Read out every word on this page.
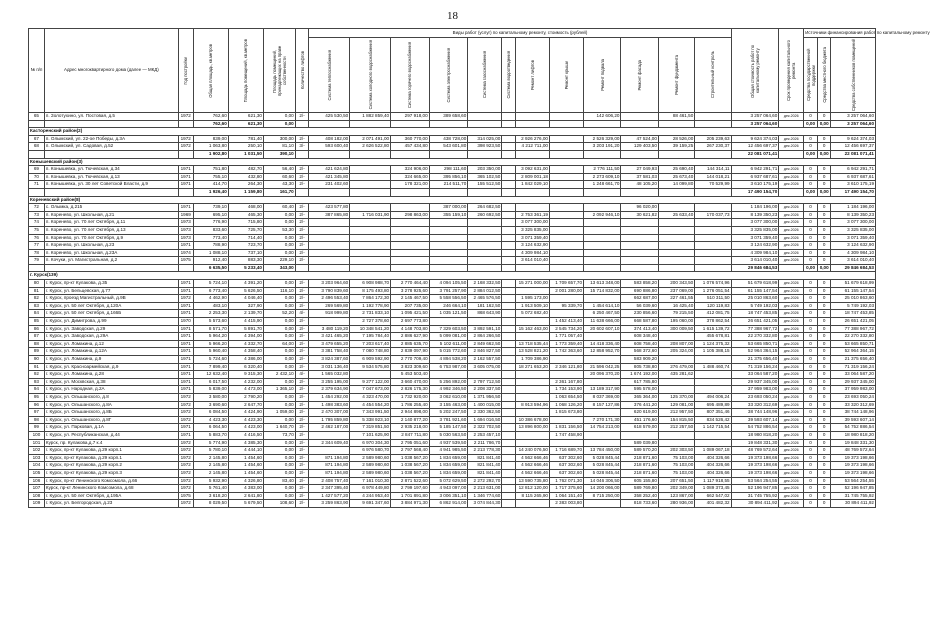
18
№ п/п	Адрес многоквартирного дома (далее — МКД)	Год постройки	Общая площадь, кв.метров	Площадь помещений, кв.метров	Площадь помещений, принадлежащих на праве собственности	Количество лифтов	Виды работ (услуг) по капитальному ремонту, стоимость (рублей)												Общая стоимость работ по капитальному ремонту	Срок проведения капитального ремонта	Источники финансирования работ по капитальному ремонту		

							Система теплоснабжения	Система холодного водоснабжения	Система горячего водоснабжения	Система электроснабжения	Система газоснабжения	Система водоотведения	Ремонт лифтов	Ремонт крыши	Ремонт подвала	Ремонт фасада	Ремонт фундамента	Строительный контроль			Средства государственной поддержки	Средства местного бюджета	Средства собственников помещений

65	п. Золотухино, ул. Постовая, д.5	1972	762,60	621,30	0,00	2/-	425 530,50	1 882 859,40	297 918,00	389 658,60					142 606,20		88 461,50		3 257 064,60	дек.2026	0	0	3 257 064,60
			762,60	621,30	0,00														3 257 064,60		0,00	0,00	3 257 064,60
Касторенский район(2)																							
67	п. Олымский, ул. 22-ое Победы, д.3А	1972	839,00	781,40	300,00	2/-	408 182,00	2 071 491,00	360 770,00	438 728,00	314 025,00		2 926 276,00		2 526 329,00	47 524,00	28 526,00	205 239,63	9 624 374,03	дек.2026	0	0	9 624 374,03
68	п. Олымский, ул. Садовая, д.52	1972	1 063,80	250,10	81,10	3/-	593 600,40	2 626 522,80	457 434,80	543 601,80	398 923,50		4 212 711,00		3 203 191,20	129 403,50	39 159,25	267 230,37	12 456 697,37	дек.2026	0	0	12 456 697,37
			1 902,80	1 031,50	390,10														22 081 071,41		0,00	0,00	22 081 071,41
Конышевский район(3)																							
69	п. Конышевка, ул. Тючевская, д.34	1971	751,80	482,70	56,40	2/-	421 624,80		324 906,00	298 111,60	203 350,00		3 092 631,00		2 776 111,50	27 049,93	25 690,40	144 314,11	6 942 291,71	дек.2026	0	0	6 942 291,71
70	п. Конышевка, ул. Тючевская, д.13	1971	755,10	432,80	60,60	2/-	421 345,80		324 665,00	395 856,10	365 102,50		2 809 001,18		2 273 609,10	37 581,03	25 673,40	144 018,21	6 937 687,61	дек.2026	0	0	6 937 687,61
71	п. Конышевка, ул. 30 лет Советской Власти, д.9	1971	414,70	264,30	43,30	2/-	231 402,60		178 321,00	214 511,70	155 512,50		1 842 029,10		1 248 661,70	48 105,20	14 099,80	70 529,99	3 610 175,19	дек.2026	0	0	3 610 175,19
			1 926,40	1 159,80	161,70														17 490 154,70		0,00	0,00	17 490 154,70
Кореневский район(8)																							
72	с. Олымка, д.215	1971	739,10	468,00	60,40	2/-	423 577,80			387 000,00	264 682,50					96 020,00			1 184 196,00	дек.2026	0	0	1 184 196,00
73	п. Коренево, ул. Школьная, д.21	1969	695,10	465,30	0,00	2/-	387 865,80	1 716 031,90	298 863,00	355 159,10	260 692,50		2 753 361,19		2 092 946,10	30 621,82	25 633,40	170 037,73	8 139 350,23	дек.2026	0	0	8 139 350,23
74	п. Коренево, ул. 70 лет Октября, д.11	1973	776,90	715,80	0,00	2/-							3 077 300,00						3 077 300,00	дек.2026	0	0	3 077 300,00
75	п. Коренево, ул. 70 лет Октября, д.13	1973	833,60	725,70	53,30	2/-							3 325 835,00						3 325 835,00	дек.2026	0	0	3 325 835,00
76	п. Коренево, ул. 70 лет Октября, д.9	1973	773,40	714,40	0,00	2/-							3 071 359,40						3 071 359,40	дек.2026	0	0	3 071 359,40
77	п. Коренево, ул. Школьная, д.23	1971	788,90	723,70	0,00	2/-							3 124 632,90						3 124 632,90	дек.2026	0	0	3 124 632,90
78	п. Коренево, ул. Школьная, д.23А	1974	1 088,10	737,10	0,00	2/-							4 309 984,10						4 309 984,10	дек.2026	0	0	4 309 984,10
79	п. Кочуки, ул. Магистральная, д.2	1975	912,40	883,30	229,10	2/-							3 614 010,40						3 614 010,40	дек.2026	0	0	3 614 010,40
			6 635,50	5 233,40	343,00														29 846 684,53		0,00	0,00	29 846 684,53
г. Курск(139)																							
80	г. Курск, пр-кт Кулакова, д.35	1971	5 724,10	4 391,20	0,00	2/-	3 203 964,60	6 908 988,70	2 770 464,40	4 094 105,50	2 168 332,50		15 271 000,00	1 709 657,70	13 613 348,00	583 858,20	200 343,50	1 076 574,96	51 679 618,99	дек.2026	0	0	51 679 618,99
81	г. Курск, ул. Бельцевская, д.77	1971	6 773,40	5 626,50	116,10	2/-	3 790 839,60	8 175 493,80	3 278 925,60	3 791 257,90	2 884 012,50			2 001 280,00	15 714 832,00	690 886,80	237 069,00	1 276 051,54	61 155 147,54	дек.2026	0	0	61 155 147,54
82	г. Курск, проезд Магистральный, д.9В	1972	4 462,90	4 046,40	0,00	2/-	2 496 553,40	7 864 172,30	2 145 467,50	5 558 556,50	2 465 576,50		1 595 173,00			662 687,00	227 461,55	510 311,50	25 010 863,60	дек.2026	0	0	25 010 863,60
83	г. Курск, ул. 50 лет Октября, д.120А	1971	483,10	327,90	0,00	2/-	269 569,80	1 192 778,90	207 735,00	246 664,10	181 162,50		1 913 509,10	95 339,70	1 454 614,10	56 039,60	16 425,40	120 119,83	5 749 192,03	дек.2026	0	0	5 749 192,03
84	г. Курск, ул. 50 лет Октября, д.166Б	1971	2 253,30	2 139,70	52,20	4/-	918 999,80	2 731 833,10	1 095 421,50	1 035 121,50	868 643,90		5 072 682,40		6 250 467,50	230 856,60	79 215,50	412 081,75	18 747 453,85	дек.2026	0	0	18 747 453,85
85	г. Курск, ул. Димитрова, д.99	1970	5 573,60	4 415,90	0,00	2/-		2 727 378,60	2 697 773,80					1 452 413,40	11 638 666,00	668 587,80	195 060,00	378 862,54	26 651 421,05	дек.2026	0	0	26 651 421,05
86	г. Курск, ул. Заводская, д.29	1971	8 571,70	5 891,70	0,00	2/-	3 480 119,20	10 348 541,20	4 148 703,80	7 329 603,50	3 892 591,10		15 162 463,00	2 545 734,20	20 602 607,10	374 413,40	300 009,50	1 615 139,72	77 388 967,72	дек.2026	0	0	77 388 967,72
87	г. Курск, ул. Заводская, д.29А	1971	5 964,20	4 394,00	0,00	2/-	3 421 465,20	7 195 784,40	2 886 627,90	5 099 081,00	2 864 266,50			1 771 057,40		608 348,40		455 678,81	22 270 332,80	дек.2026	0	0	22 270 332,80
88	г. Курск, ул. Ломакина, д.12	1971	5 966,20	4 332,70	64,00	2/-	3 479 655,20	7 203 617,40	2 885 635,70	5 102 611,00	2 849 662,50		13 718 535,44	1 773 359,40	14 418 336,40	608 758,40	208 807,00	1 124 375,32	53 665 850,71	дек.2026	0	0	53 665 850,71
89	г. Курск, ул. Ломакина, д.12А	1971	5 960,40	4 358,40	0,00	2/-	3 381 758,40	7 080 748,80	2 839 097,90	5 015 772,60	2 846 827,50		13 528 821,20	1 742 363,60	12 858 952,70	568 372,60	205 324,00	1 105 388,15	52 964 364,15	дек.2026	0	0	52 964 364,15
90	г. Курск, ул. Ломакина, д.9	1971	5 724,60	4 386,00	0,00	2/-	3 824 387,60	6 909 592,90	2 770 709,40	4 894 538,20	2 162 557,50		1 709 386,90			583 909,20			21 375 656,40	дек.2026	0	0	21 375 656,40
91	г. Курск, ул. Красноармейская, д.9	1971	7 899,40	6 320,40	0,00	2/-	3 031 136,40	9 534 575,80	3 823 309,60	6 753 987,00	3 605 075,00		18 271 653,20	2 346 121,80	21 596 042,25	805 738,80	276 479,00	1 488 460,74	71 319 156,24	дек.2026	0	0	71 319 156,24
92	г. Курск, ул. Ломакина, д.28	1971	12 632,40	9 315,30	2 432,10	4/-	1 565 032,80		5 453 503,40						20 096 370,20	1 674 192,00	435 281,62		33 064 587,20	дек.2026	0	0	33 064 587,20
93	г. Курск, ул. Москвская, д.38	1971	6 017,50	4 232,00	0,00	2/-	3 255 195,00	9 277 122,00	3 660 470,00	5 256 892,00	2 797 712,50			2 361 167,80		617 785,80			29 937 345,00	дек.2026	0	0	29 937 345,00
94	г. Курск, ул. Народная, д.2А	1971	5 839,00	4 473,00	1 365,10	2/-	2 379 634,90	7 047 673,00	2 826 175,30	4 992 346,50	2 208 337,50			1 734 153,90	13 189 317,90	595 578,00			37 959 983,00	дек.2026	0	0	37 959 983,00
95	г. Курск, ул. Ольшанского, д.8	1972	3 580,00	2 790,20	0,00	2/-	1 454 292,00	4 323 470,00	1 732 920,00	3 062 610,00	1 371 956,50			1 063 654,50	8 037 369,00	365 364,00	125 370,00	494 006,24	23 693 050,24	дек.2026	0	0	23 693 050,24
96	г. Курск, ул. Ольшанского, д.8А	1972	3 690,60	2 647,70	0,00	2/-	1 498 383,60	4 454 554,20	1 786 255,40	3 155 463,00	1 400 015,00		8 913 594,96	1 068 126,20	8 157 127,86	376 441,20	129 081,00	695 489,89	33 320 312,69	дек.2026	0	0	33 320 312,69
97	г. Курск, ул. Ольшанского, д.8Б	1972	6 084,50	4 424,90	1 059,00	2/-	2 470 307,00	7 343 991,50	2 944 898,00	5 202 247,50	2 330 362,50			1 815 673,80		620 619,00	212 957,50	807 351,46	38 744 148,96	дек.2026	0	0	38 744 148,96
98	г. Курск, ул. Ольшанского, д.8Г	1972	4 423,30	4 423,30	0,00	2/-	1 795 859,80	5 338 923,10	2 140 877,20	3 781 921,60	1 694 016,50		10 386 678,00		7 270 171,30	451 176,60	154 815,50	834 526,42	39 593 607,14	дек.2026	0	0	39 593 607,14
99	г. Курск, ул. Парковая, д.1А	1971	6 064,50	4 423,00	1 640,70	2/-	2 462 187,00	7 319 851,50	2 935 218,00	5 185 147,50	2 322 702,50		13 896 800,00	1 831 156,50	14 754 213,00	618 579,00	212 257,50	1 142 715,54	54 752 886,54	дек.2026	0	0	54 752 886,54
100	г. Курск, ул. Республиканская, д.44	1971	5 883,70	4 416,50	73,70	2/-		7 101 625,90	2 847 711,80	5 030 563,50	2 253 457,10			1 747 458,90					18 980 818,20	дек.2026	0	0	18 980 818,20
101	Курск, пр. Кулакова,д.7 к.4	1972	5 774,90	4 385,30	0,00	2/-	2 344 609,40	6 970 304,30	2 795 051,60	4 937 539,50	2 211 786,70					589 039,80			19 848 331,30	дек.2026	0	0	19 848 331,30
102	г. Курск, пр-кт Кулакова, д.29 корп.1	1972	5 780,10	4 444,10	0,00	2/-		6 976 580,70	2 797 568,40	4 941 985,50	2 213 778,30		14 240 076,50	1 716 689,70	13 784 450,00	589 570,20	202 303,50	1 089 067,18	48 769 572,64	дек.2026	0	0	48 769 572,64
103	г. Курск, пр-кт Кулакова, д.29 корп.1	1972	2 145,80	1 454,60	0,00	2/-	871 194,80	2 589 980,60	1 038 567,20	1 834 659,00	821 841,40		4 562 666,46	637 302,60	5 028 845,44	218 871,60	75 103,00	404 326,66	19 373 198,66	дек.2026	0	0	19 373 198,66
104	г. Курск, пр-кт Кулакова, д.29 корп.2	1972	2 145,80	1 454,60	0,00	2/-	871 194,80	2 589 980,60	1 038 567,20	1 834 659,00	821 841,40		4 562 666,46	637 302,60	5 028 845,44	218 871,60	75 103,00	404 326,66	19 373 198,66	дек.2026	0	0	19 373 198,66
105	г. Курск, пр-кт Кулакова, д.29 корп.3	1972	2 145,80	1 454,60	0,00	2/-	871 194,80	2 589 980,60	1 038 567,20	1 834 659,00	821 841,40		4 562 666,46	637 302,60	5 028 845,44	218 871,60	75 103,00	404 326,66	19 373 198,66	дек.2026	0	0	19 373 198,66
106	г. Курск, пр-кт Ленинского Комсомола, д.66	1972	5 932,90	4 326,80	83,40	2/-	2 408 757,40	7 161 010,30	2 871 522,60	5 072 629,50	2 272 292,70		13 590 735,80	1 762 071,30	14 046 306,50	605 155,80	207 651,50	1 117 918,55	53 564 254,55	дек.2026	0	0	53 564 254,55
107	Курск, пр-кт Ленинского Комсомола, д.68	1972	5 761,40	4 383,00	0,00	2/-	2 347 395,40	6 978 449,80	2 799 197,60	4 943 097,00	2 213 631,00		12 812 120,00	1 717 375,60	14 200 066,00	589 769,80	202 349,00	1 089 373,45	52 196 947,85	дек.2026	0	0	52 196 947,85
108	г. Курск, ул. 50 лет Октября, д.195А	1975	3 618,20	2 641,80	0,00	2/-	1 427 577,20	4 244 953,40	1 701 891,80	3 006 351,10	1 346 774,60		8 115 265,90	1 064 151,40	8 715 250,00	358 252,40	123 867,00	662 547,02	31 745 755,92	дек.2026	0	0	31 745 755,92
109	г. Курск, ул. Белгородская, д.23	1972	8 029,50	5 679,50	108,60	2/-	3 259 863,90	9 691 347,60	3 884 971,30	6 862 914,00	3 074 844,30			2 383 003,80		818 733,60	280 936,00	401 482,32	30 894 411,92	дек.2026	0	0	30 894 411,92
